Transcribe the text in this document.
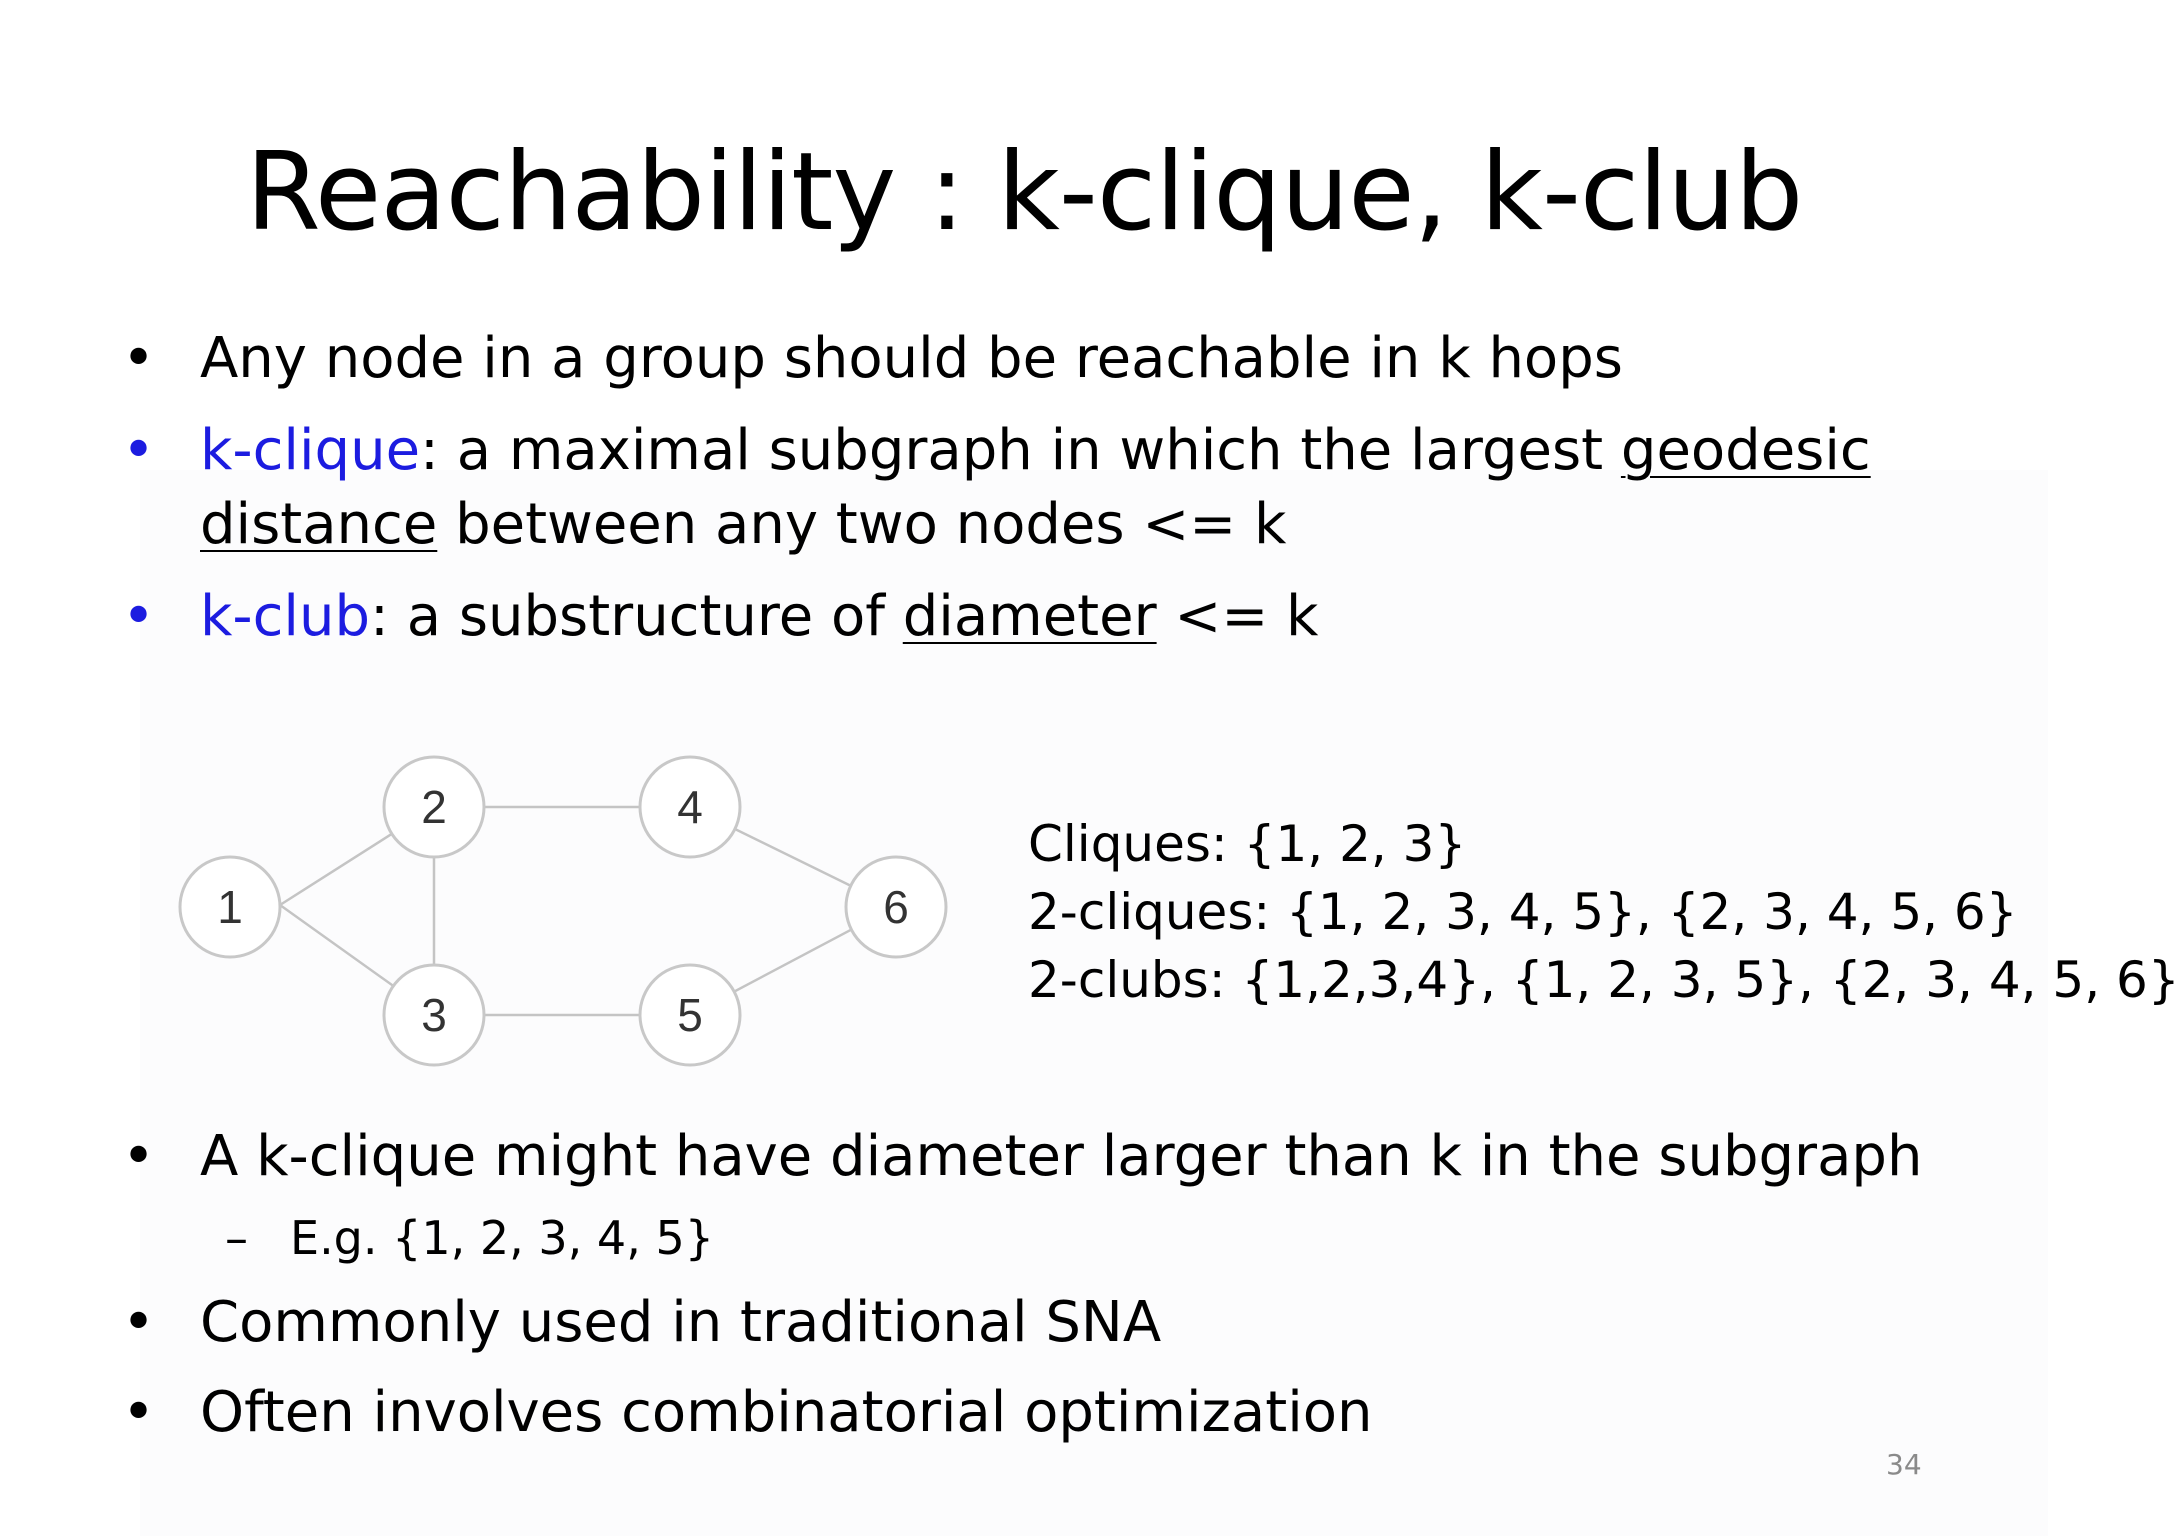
Reachability : k-clique, k-club
• Any node in a group should be reachable in k hops
• k-clique: a maximal subgraph in which the largest geodesic
distance between any two nodes <= k
• k-club: a substructure of diameter <= k
• A k-clique might have diameter larger than k in the subgraph
– E.g. {1, 2, 3, 4, 5}
• Commonly used in traditional SNA
• Often involves combinatorial optimization
1
2
3
4
5
6
Cliques: {1, 2, 3}
2-cliques: {1, 2, 3, 4, 5}, {2, 3, 4, 5, 6}
2-clubs: {1,2,3,4}, {1, 2, 3, 5}, {2, 3, 4, 5, 6}
34
